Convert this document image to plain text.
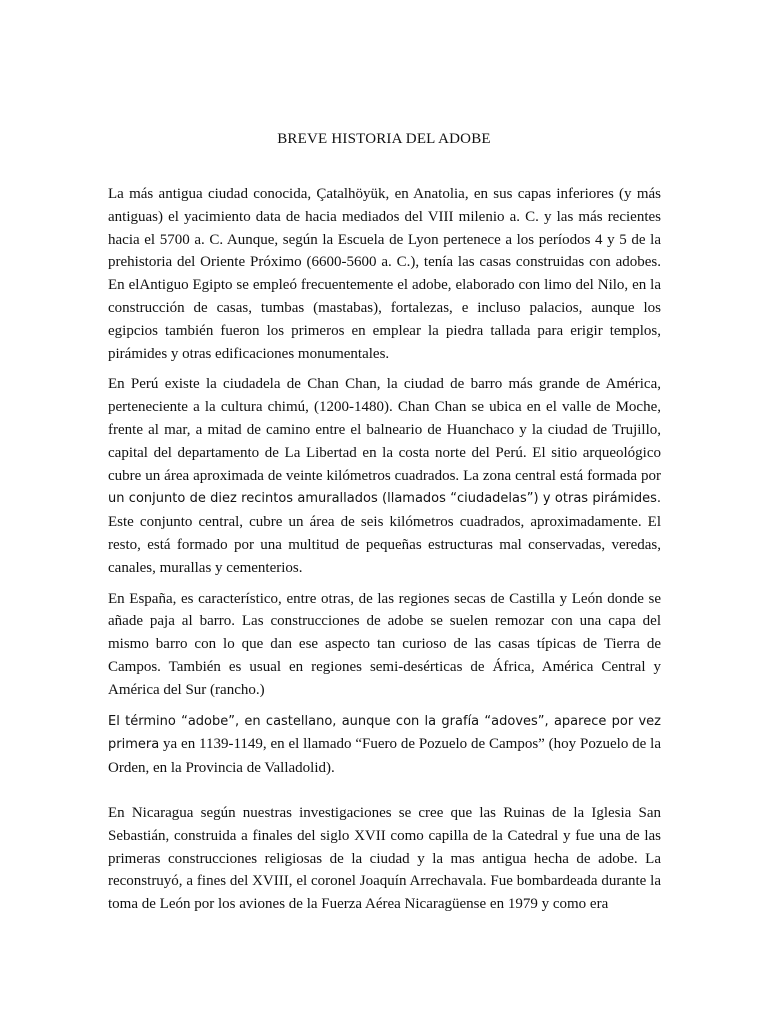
BREVE HISTORIA DEL ADOBE

La más antigua ciudad conocida, Çatalhöyük, en Anatolia, en sus capas inferiores (y más antiguas) el yacimiento data de hacia mediados del VIII milenio a. C. y las más recientes hacia el 5700 a. C. Aunque, según la Escuela de Lyon pertenece a los períodos 4 y 5 de la prehistoria del Oriente Próximo (6600-5600 a. C.), tenía las casas construidas con adobes. En elAntiguo Egipto se empleó frecuentemente el adobe, elaborado con limo del Nilo, en la construcción de casas, tumbas (mastabas), fortalezas, e incluso palacios, aunque los egipcios también fueron los primeros en emplear la piedra tallada para erigir templos, pirámides y otras edificaciones monumentales.

En Perú existe la ciudadela de Chan Chan, la ciudad de barro más grande de América, perteneciente a la cultura chimú, (1200-1480). Chan Chan se ubica en el valle de Moche, frente al mar, a mitad de camino entre el balneario de Huanchaco y la ciudad de Trujillo, capital del departamento de La Libertad en la costa norte del Perú. El sitio arqueológico cubre un área aproximada de veinte kilómetros cuadrados. La zona central está formada por un conjunto de diez recintos amurallados (llamados “ciudadelas”) y otras pirámides. Este conjunto central, cubre un área de seis kilómetros cuadrados, aproximadamente. El resto, está formado por una multitud de pequeñas estructuras mal conservadas, veredas, canales, murallas y cementerios.

En España, es característico, entre otras, de las regiones secas de Castilla y León donde se añade paja al barro. Las construcciones de adobe se suelen remozar con una capa del mismo barro con lo que dan ese aspecto tan curioso de las casas típicas de Tierra de Campos. También es usual en regiones semi-desérticas de África, América Central y América del Sur (rancho.)

El término “adobe”, en castellano, aunque con la grafía “adoves”, aparece por vez primera ya en 1139-1149, en el llamado “Fuero de Pozuelo de Campos” (hoy Pozuelo de la Orden, en la Provincia de Valladolid).

En Nicaragua según nuestras investigaciones se cree que las Ruinas de la Iglesia San Sebastián, construida a finales del siglo XVII como capilla de la Catedral y fue una de las primeras construcciones religiosas de la ciudad y la mas antigua hecha de adobe. La reconstruyó, a fines del XVIII, el coronel Joaquín Arrechavala. Fue bombardeada durante la toma de León por los aviones de la Fuerza Aérea Nicaragüense en 1979 y como era
